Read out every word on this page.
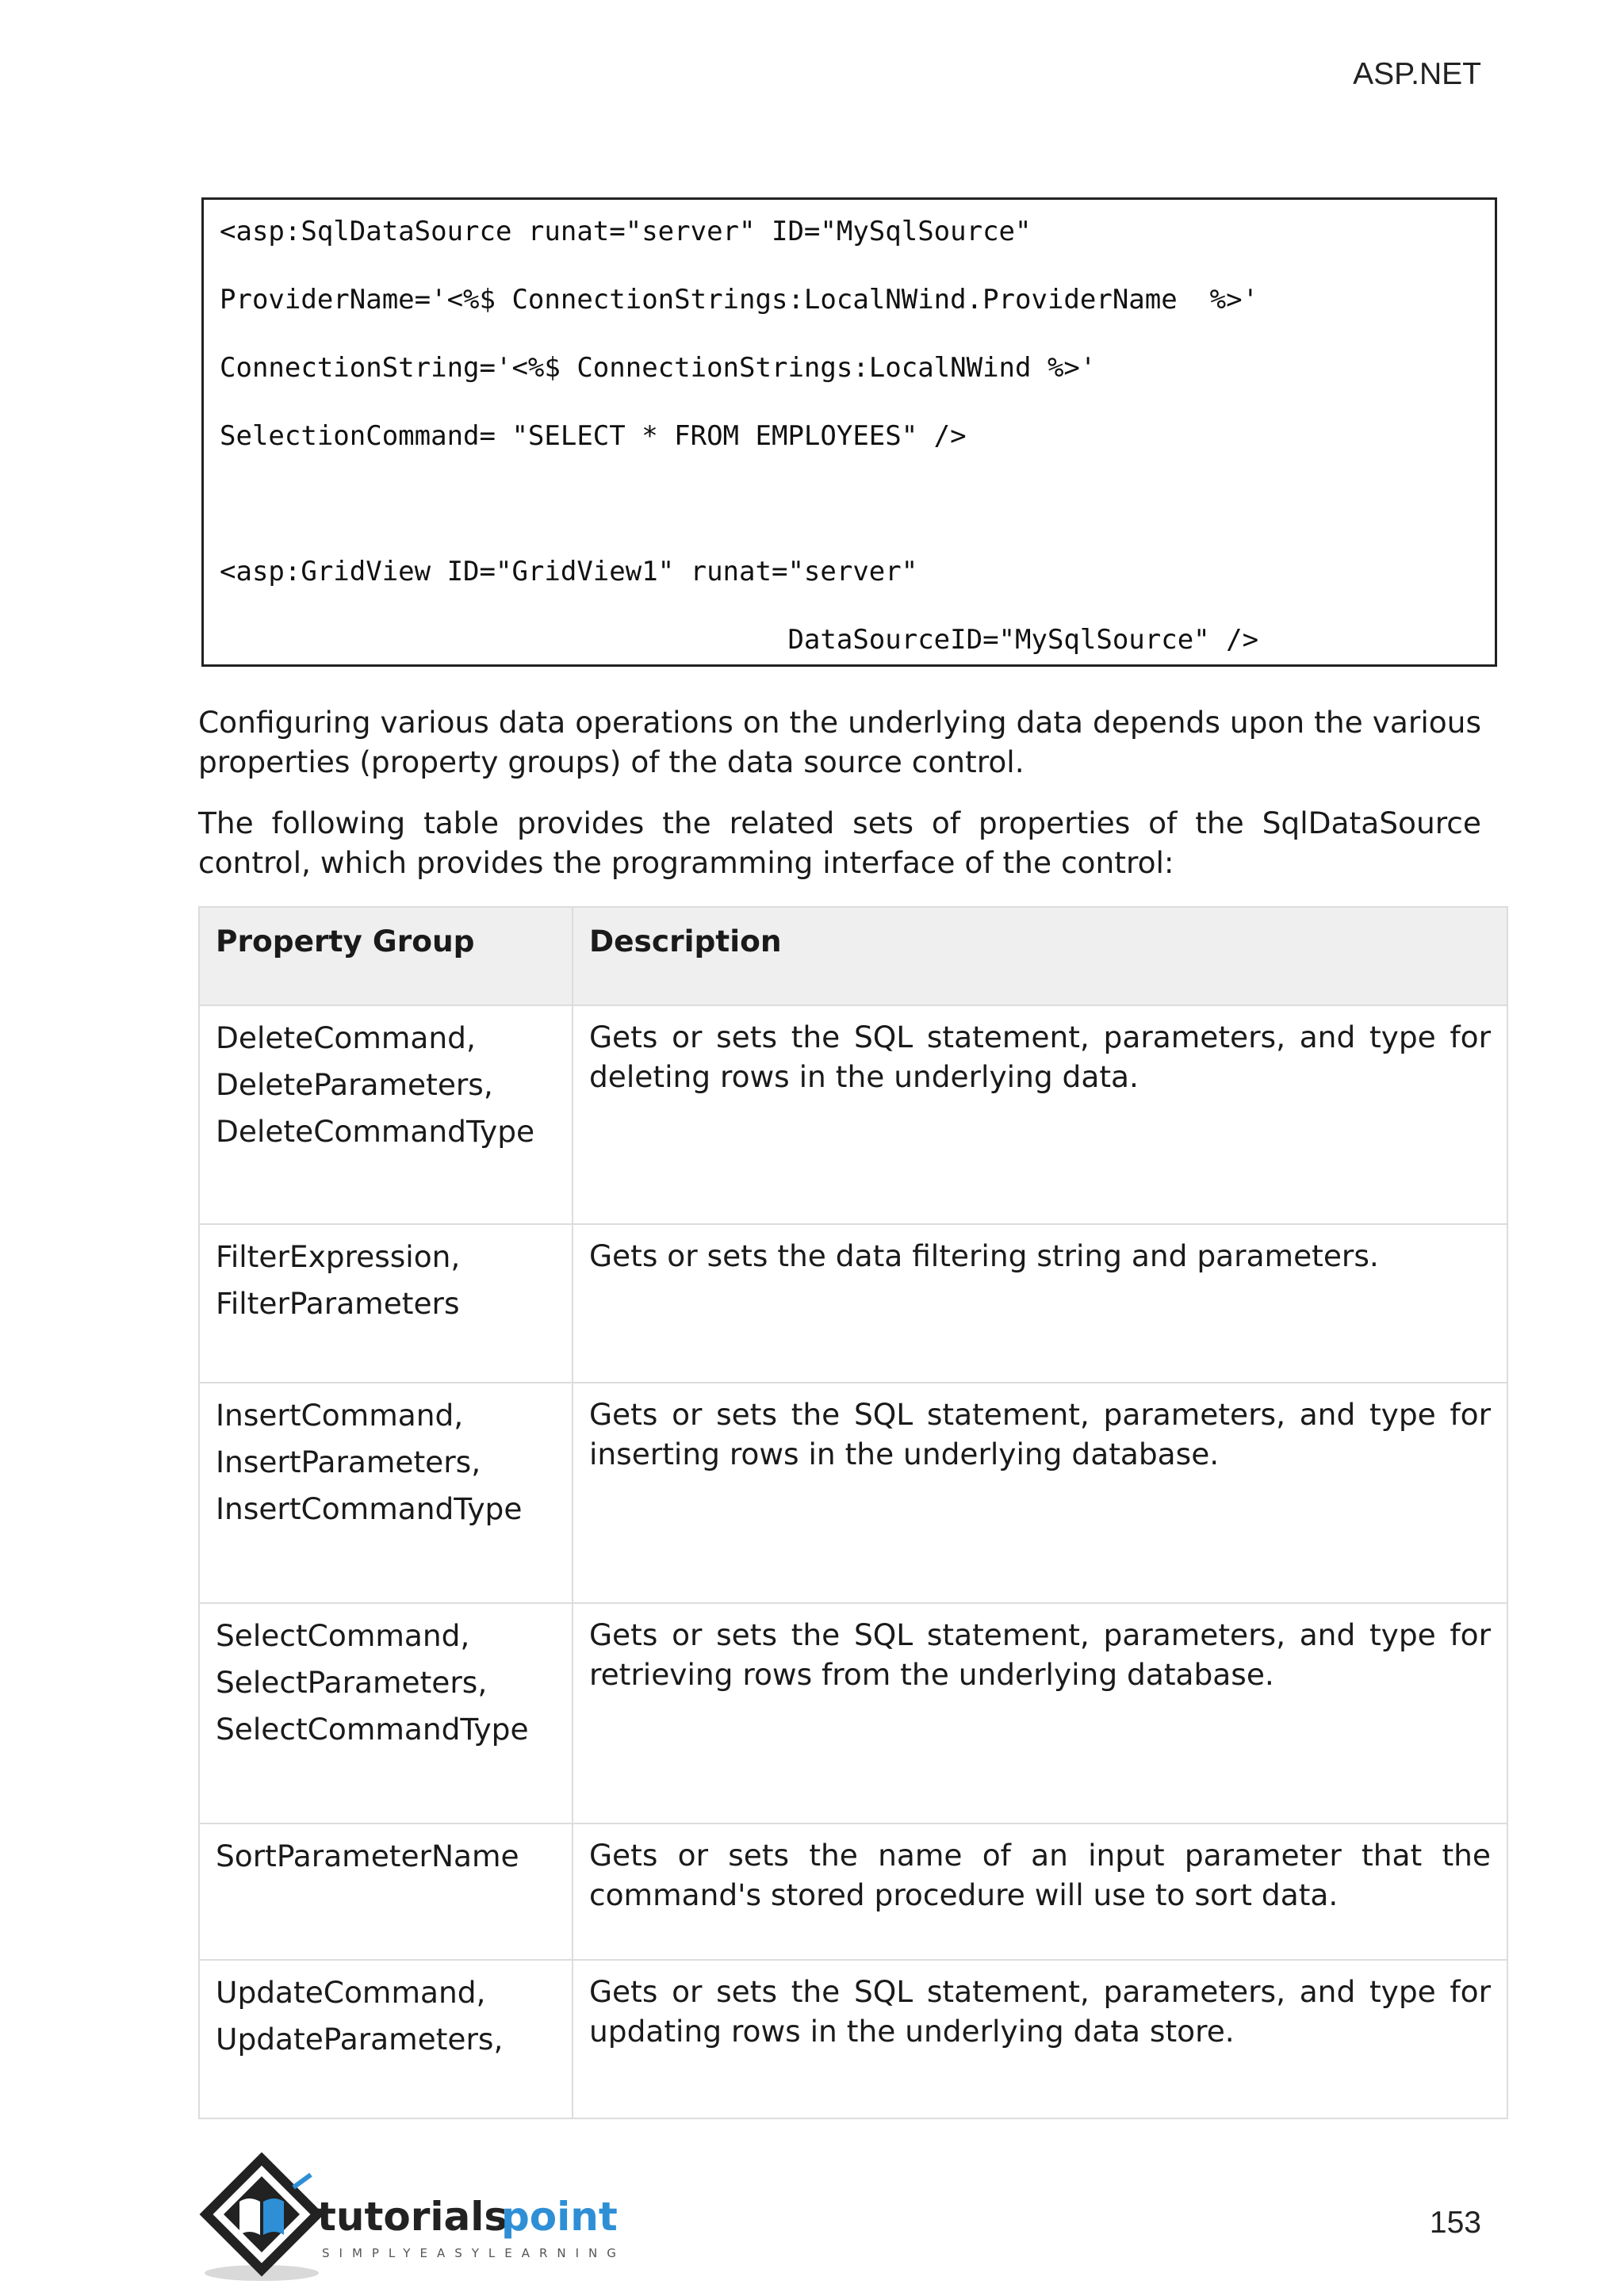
ASP.NET
<asp:SqlDataSource runat="server" ID="MySqlSource"
ProviderName='<%$ ConnectionStrings:LocalNWind.ProviderName  %>'
ConnectionString='<%$ ConnectionStrings:LocalNWind %>'
SelectionCommand= "SELECT * FROM EMPLOYEES" />
<asp:GridView ID="GridView1" runat="server"
DataSourceID="MySqlSource" />

Configuring various data operations on the underlying data depends upon the various properties (property groups) of the data source control.

The following table provides the related sets of properties of the SqlDataSource control, which provides the programming interface of the control:

Property Group	Description

DeleteCommand,
DeleteParameters,
DeleteCommandType	Gets or sets the SQL statement, parameters, and type for deleting rows in the underlying data.

FilterExpression,
FilterParameters	Gets or sets the data filtering string and parameters.

InsertCommand,
InsertParameters,
InsertCommandType	Gets or sets the SQL statement, parameters, and type for inserting rows in the underlying database.

SelectCommand,
SelectParameters,
SelectCommandType	Gets or sets the SQL statement, parameters, and type for retrieving rows from the underlying database.

SortParameterName	Gets or sets the name of an input parameter that the command's stored procedure will use to sort data.

UpdateCommand,
UpdateParameters,	Gets or sets the SQL statement, parameters, and type for updating rows in the underlying data store.
tutorials
point
SIMPLYEASYLEARNING
153
